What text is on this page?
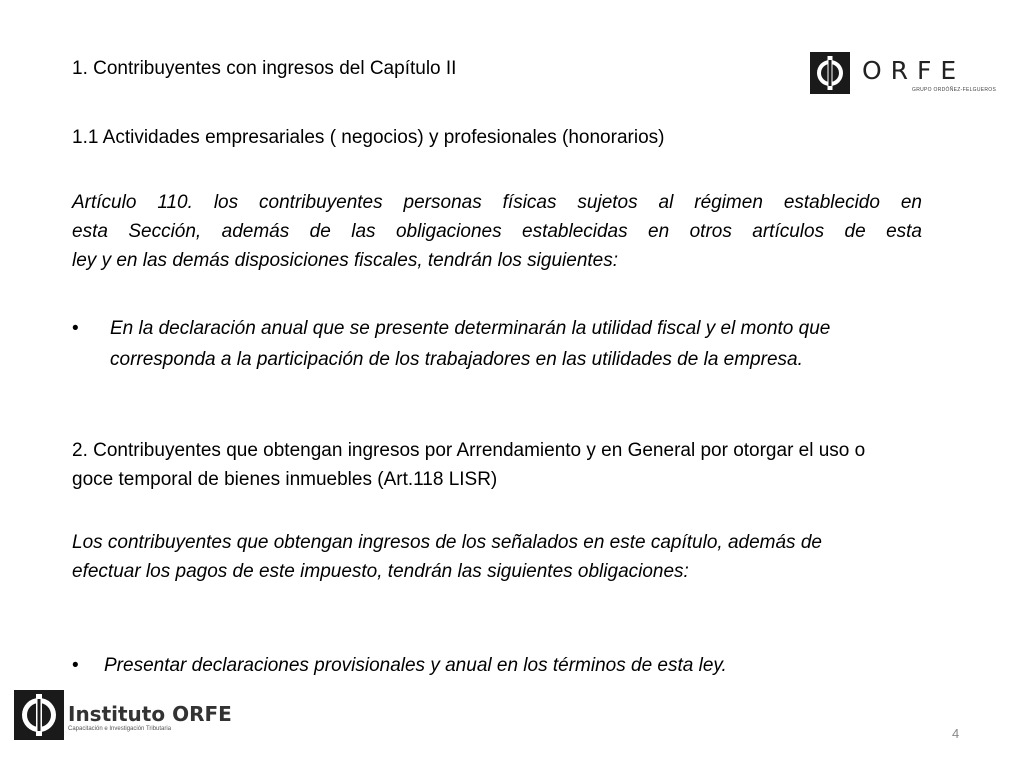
1. Contribuyentes con ingresos del Capítulo II	ORFE
GRUPO ORDÓÑEZ-FELGUEROS
1.1 Actividades empresariales ( negocios) y profesionales (honorarios)
Artículo 110. los contribuyentes personas físicas sujetos al régimen establecido en
esta Sección, además de las obligaciones establecidas en otros artículos de esta
ley y en las demás disposiciones fiscales, tendrán los siguientes:
•	En la declaración anual que se presente determinarán la utilidad fiscal y el monto que corresponda a la participación de los trabajadores en las utilidades de la empresa.
2. Contribuyentes que obtengan ingresos por Arrendamiento y en General por otorgar el uso o goce temporal de bienes inmuebles (Art.118 LISR)
Los contribuyentes que obtengan ingresos de los señalados en este capítulo, además de efectuar los pagos de este impuesto, tendrán las siguientes obligaciones:
•	Presentar declaraciones provisionales y anual en los términos de esta ley.
Instituto ORFE
Capacitación e Investigación Tributaria	4
